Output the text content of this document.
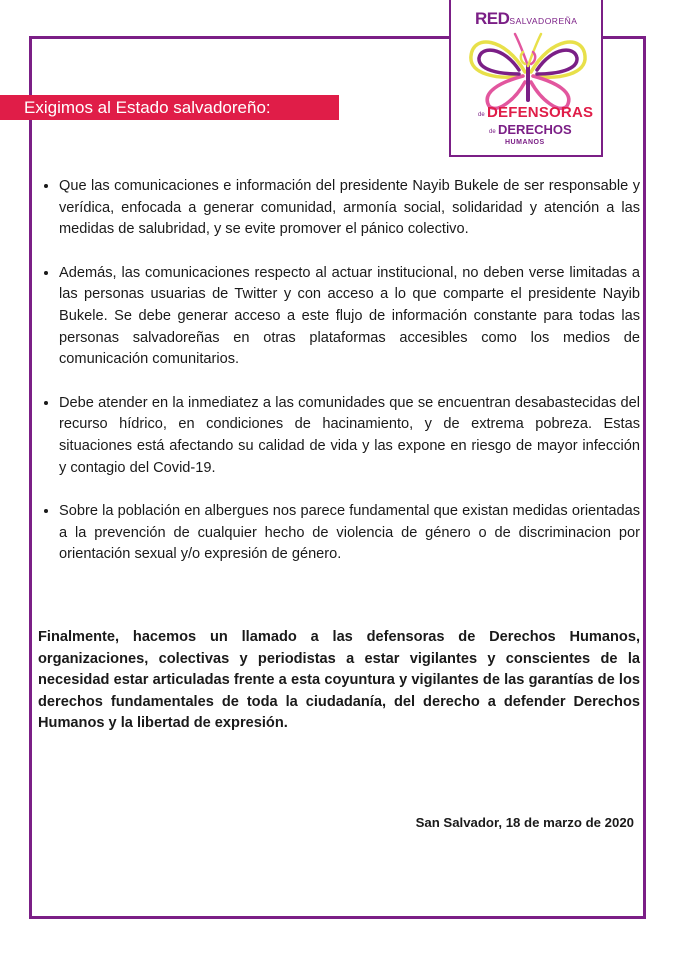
Exigimos al Estado salvadoreño:
REDSALVADOREÑA
de DEFENSORAS
de DERECHOS
HUMANOS
• Que las comunicaciones e información del presidente Nayib Bukele de ser responsable y verídica, enfocada a generar comunidad, armonía social, solidaridad y atención a las medidas de salubridad, y se evite promover el pánico colectivo.
• Además, las comunicaciones respecto al actuar institucional, no deben verse limitadas a las personas usuarias de Twitter y con acceso a lo que comparte el presidente Nayib Bukele. Se debe generar acceso a este flujo de información constante para todas las personas salvadoreñas en otras plataformas accesibles como los medios de comunicación comunitarios.
• Debe atender en la inmediatez a las comunidades que se encuentran desabastecidas del recurso hídrico, en condiciones de hacinamiento, y de extrema pobreza. Estas situaciones está afectando su calidad de vida y las expone en riesgo de mayor infección y contagio del Covid-19.
• Sobre la población en albergues nos parece fundamental que existan medidas orientadas a la prevención de cualquier hecho de violencia de género o de discriminacion por orientación sexual y/o expresión de género.

Finalmente, hacemos un llamado a las defensoras de Derechos Humanos, organizaciones, colectivas y periodistas a estar vigilantes y conscientes de la necesidad estar articuladas frente a esta coyuntura y vigilantes de las garantías de los derechos fundamentales de toda la ciudadanía, del derecho a defender Derechos Humanos y la libertad de expresión.

San Salvador, 18 de marzo de 2020
